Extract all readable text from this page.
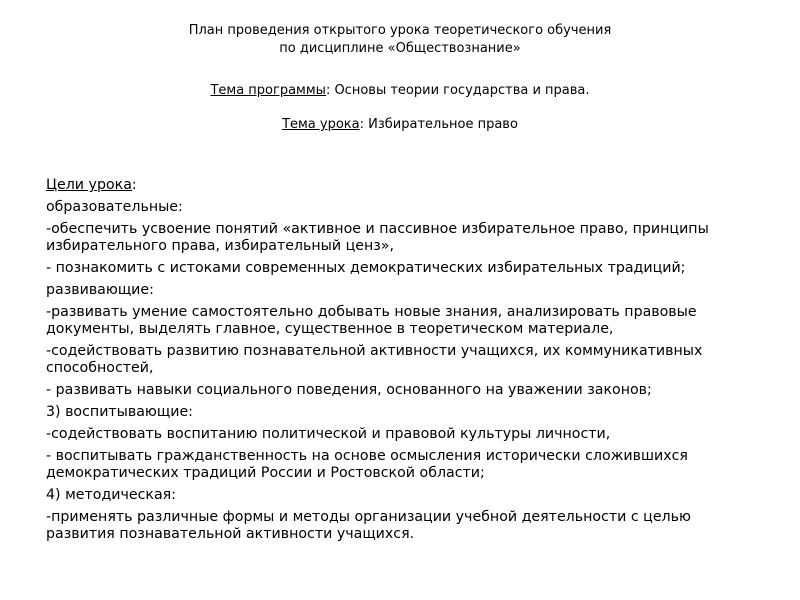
План проведения открытого урока теоретического обучения
по дисциплине «Обществознание»
Тема программы: Основы теории государства и права.
Тема урока: Избирательное право
Цели урока:
образовательные:
-обеспечить усвоение понятий «активное и пассивное избирательное право, принципы
избирательного права, избирательный ценз»,
- познакомить с истоками современных демократических избирательных традиций;
развивающие:
-развивать умение самостоятельно добывать новые знания, анализировать правовые
документы, выделять главное, существенное в теоретическом материале,
-содействовать развитию познавательной активности учащихся, их коммуникативных
способностей,
- развивать навыки социального поведения, основанного на уважении законов;
3) воспитывающие:
-содействовать воспитанию политической и правовой культуры личности,
- воспитывать гражданственность на основе осмысления исторически сложившихся
демократических традиций России и Ростовской области;
4) методическая:
-применять различные формы и методы организации учебной деятельности с целью
развития познавательной активности учащихся.
